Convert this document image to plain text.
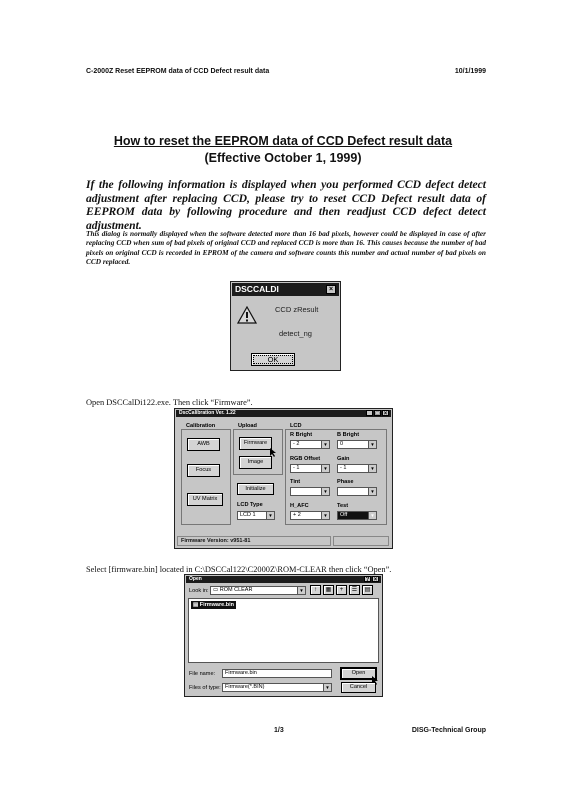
C-2000Z Reset EEPROM data of CCD Defect result data	10/1/1999
How to reset the EEPROM data of CCD Defect result data
(Effective October 1, 1999)
If the following information is displayed when you performed CCD defect detect adjustment after replacing CCD, please try to reset CCD Defect result data of EEPROM data by following procedure and then readjust CCD defect detect adjustment.
This dialog is normally displayed when the software detected more than 16 bad pixels, however could be displayed in case of after replacing CCD when sum of bad pixels of original CCD and replaced CCD is more than 16. This causes because the number of bad pixels on original CCD is recorded in EPROM of the camera and software counts this number and actual number of bad pixels on CCD replaced.
DSCCALDI	×
CCD zResult
detect_ng
OK
Open DSCCalDi122.exe. Then click “Firmware”.
DscCalibration Ver. 1.22	_ □ ×
Calibration
AWB
Focus
UV Matrix
Upload
Firmware
Image
Initialize
LCD Type
LCD 1	▼
LCD
R Bright
- 2	▼
B Bright
0	▼
RGB Offset
- 1	▼
Gain
- 1	▼
Tint
▼
Phase
▼
H_AFC
+ 2	▼
Test
Off	▼
Firmware Version: v951-81
Select [firmware.bin] located in C:\DSCCal122\C2000Z\ROM-CLEAR then click “Open”.
Open	? ×
Look in: ▭ ROM CLEAR	▼	↑	▦	+	☰	▤
▤ Firmware.bin
File name:	Firmware.bin
Files of type: Firmware(*.BIN)	▼
Open
Cancel
1/3	DISG-Technical Group
